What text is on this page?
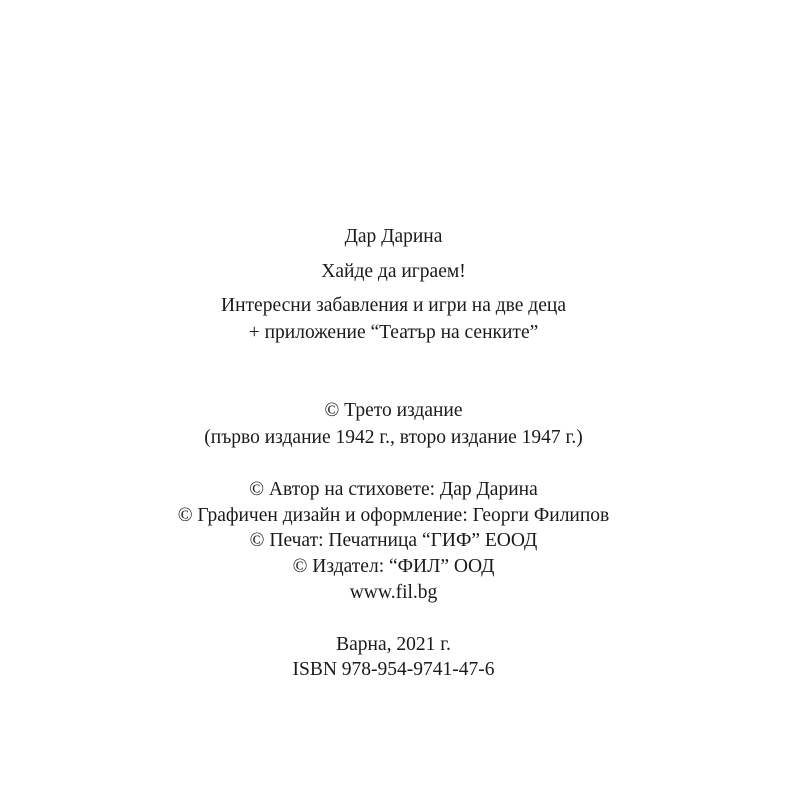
Дар Дарина
Хайде да играем!
Интересни забавления и игри на две деца
+ приложение “Театър на сенките”
© Трето издание
(първо издание 1942 г., второ издание 1947 г.)
© Автор на стиховете: Дар Дарина
© Графичен дизайн и оформление: Георги Филипов
© Печат: Печатница “ГИФ” ЕООД
© Издател: “ФИЛ” ООД
www.fil.bg
Варна, 2021 г.
ISBN 978-954-9741-47-6
